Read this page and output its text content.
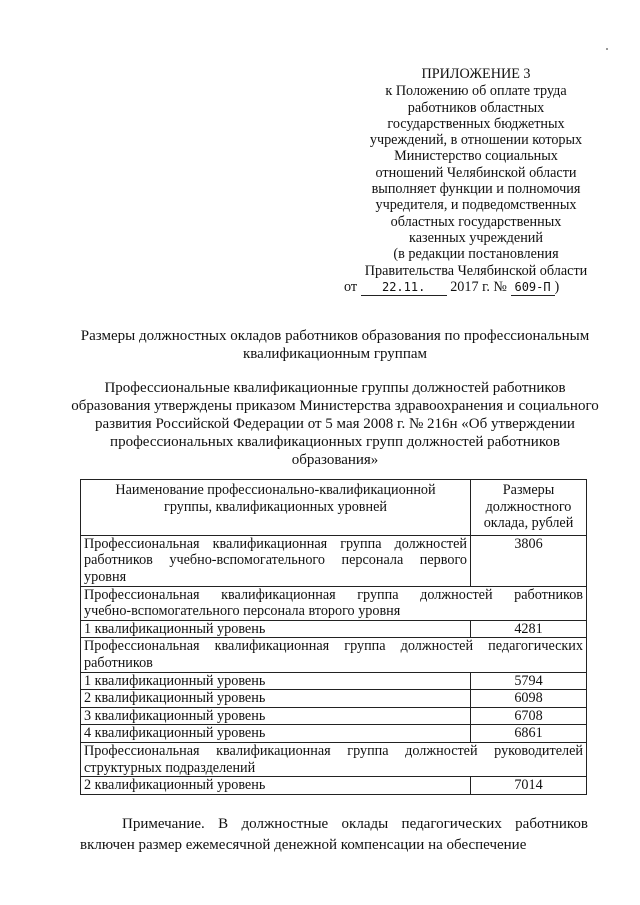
ПРИЛОЖЕНИЕ 3
к Положению об оплате труда
работников областных
государственных бюджетных
учреждений, в отношении которых
Министерство социальных
отношений Челябинской области
выполняет функции и полномочия
учредителя, и подведомственных
областных государственных
казенных учреждений
(в редакции постановления
Правительства Челябинской области
от 22.11. 2017 г. № 609-П )
Размеры должностных окладов работников образования по профессиональным квалификационным группам
Профессиональные квалификационные группы должностей работников образования утверждены приказом Министерства здравоохранения и социального развития Российской Федерации от 5 мая 2008 г. № 216н «Об утверждении профессиональных квалификационных групп должностей работников образования»
Наименование профессионально-квалификационной группы, квалификационных уровней	Размеры должностного оклада, рублей
Профессиональная квалификационная группа должностей работников учебно-вспомогательного персонала первого уровня	3806
Профессиональная квалификационная группа должностей работников
учебно-вспомогательного персонала второго уровня	

1 квалификационный уровень	4281
Профессиональная квалификационная группа должностей педагогических
работников	

1 квалификационный уровень	5794
2 квалификационный уровень	6098
3 квалификационный уровень	6708
4 квалификационный уровень	6861
Профессиональная квалификационная группа должностей руководителей
структурных подразделений	

2 квалификационный уровень	7014
Примечание. В должностные оклады педагогических работников включен размер ежемесячной денежной компенсации на обеспечение
